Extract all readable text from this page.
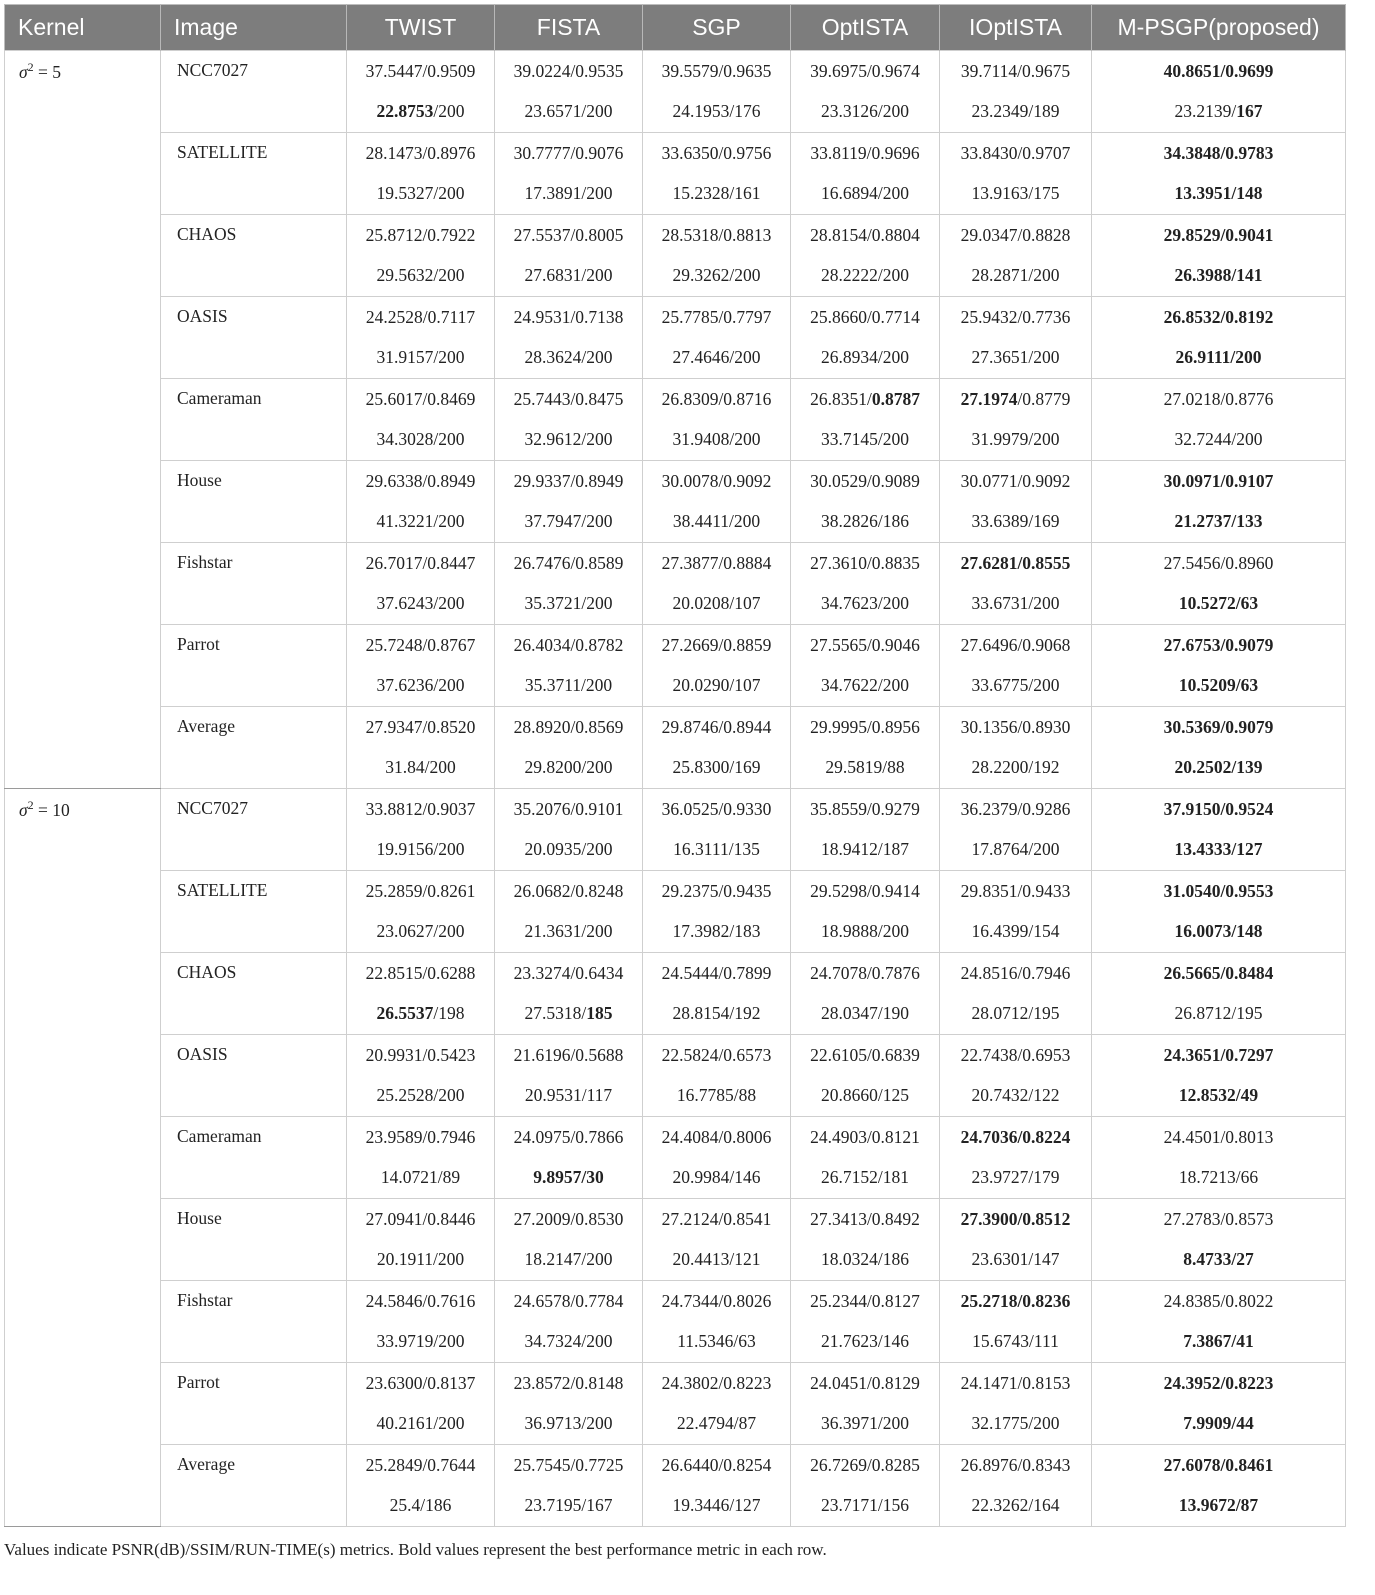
Kernel	Image	TWIST	FISTA	SGP	OptISTA	IOptISTA	M-PSGP(proposed)
$\sigma^2 = 5$	NCC7027	37.5447/0.9509	39.0224/0.9535	39.5579/0.9635	39.6975/0.9674	39.7114/0.9675	40.8651/0.9699
		22.8753/200	23.6571/200	24.1953/176	23.3126/200	23.2349/189	23.2139/167
	SATELLITE	28.1473/0.8976	30.7777/0.9076	33.6350/0.9756	33.8119/0.9696	33.8430/0.9707	34.3848/0.9783
		19.5327/200	17.3891/200	15.2328/161	16.6894/200	13.9163/175	13.3951/148
	CHAOS	25.8712/0.7922	27.5537/0.8005	28.5318/0.8813	28.8154/0.8804	29.0347/0.8828	29.8529/0.9041
		29.5632/200	27.6831/200	29.3262/200	28.2222/200	28.2871/200	26.3988/141
	OASIS	24.2528/0.7117	24.9531/0.7138	25.7785/0.7797	25.8660/0.7714	25.9432/0.7736	26.8532/0.8192
		31.9157/200	28.3624/200	27.4646/200	26.8934/200	27.3651/200	26.9111/200
	Cameraman	25.6017/0.8469	25.7443/0.8475	26.8309/0.8716	26.8351/0.8787	27.1974/0.8779	27.0218/0.8776
		34.3028/200	32.9612/200	31.9408/200	33.7145/200	31.9979/200	32.7244/200
	House	29.6338/0.8949	29.9337/0.8949	30.0078/0.9092	30.0529/0.9089	30.0771/0.9092	30.0971/0.9107
		41.3221/200	37.7947/200	38.4411/200	38.2826/186	33.6389/169	21.2737/133
	Fishstar	26.7017/0.8447	26.7476/0.8589	27.3877/0.8884	27.3610/0.8835	27.6281/0.8555	27.5456/0.8960
		37.6243/200	35.3721/200	20.0208/107	34.7623/200	33.6731/200	10.5272/63
	Parrot	25.7248/0.8767	26.4034/0.8782	27.2669/0.8859	27.5565/0.9046	27.6496/0.9068	27.6753/0.9079
		37.6236/200	35.3711/200	20.0290/107	34.7622/200	33.6775/200	10.5209/63
	Average	27.9347/0.8520	28.8920/0.8569	29.8746/0.8944	29.9995/0.8956	30.1356/0.8930	30.5369/0.9079
		31.84/200	29.8200/200	25.8300/169	29.5819/88	28.2200/192	20.2502/139
$\sigma^2 = 10$	NCC7027	33.8812/0.9037	35.2076/0.9101	36.0525/0.9330	35.8559/0.9279	36.2379/0.9286	37.9150/0.9524
		19.9156/200	20.0935/200	16.3111/135	18.9412/187	17.8764/200	13.4333/127
	SATELLITE	25.2859/0.8261	26.0682/0.8248	29.2375/0.9435	29.5298/0.9414	29.8351/0.9433	31.0540/0.9553
		23.0627/200	21.3631/200	17.3982/183	18.9888/200	16.4399/154	16.0073/148
	CHAOS	22.8515/0.6288	23.3274/0.6434	24.5444/0.7899	24.7078/0.7876	24.8516/0.7946	26.5665/0.8484
		26.5537/198	27.5318/185	28.8154/192	28.0347/190	28.0712/195	26.8712/195
	OASIS	20.9931/0.5423	21.6196/0.5688	22.5824/0.6573	22.6105/0.6839	22.7438/0.6953	24.3651/0.7297
		25.2528/200	20.9531/117	16.7785/88	20.8660/125	20.7432/122	12.8532/49
	Cameraman	23.9589/0.7946	24.0975/0.7866	24.4084/0.8006	24.4903/0.8121	24.7036/0.8224	24.4501/0.8013
		14.0721/89	9.8957/30	20.9984/146	26.7152/181	23.9727/179	18.7213/66
	House	27.0941/0.8446	27.2009/0.8530	27.2124/0.8541	27.3413/0.8492	27.3900/0.8512	27.2783/0.8573
		20.1911/200	18.2147/200	20.4413/121	18.0324/186	23.6301/147	8.4733/27
	Fishstar	24.5846/0.7616	24.6578/0.7784	24.7344/0.8026	25.2344/0.8127	25.2718/0.8236	24.8385/0.8022
		33.9719/200	34.7324/200	11.5346/63	21.7623/146	15.6743/111	7.3867/41
	Parrot	23.6300/0.8137	23.8572/0.8148	24.3802/0.8223	24.0451/0.8129	24.1471/0.8153	24.3952/0.8223
		40.2161/200	36.9713/200	22.4794/87	36.3971/200	32.1775/200	7.9909/44
	Average	25.2849/0.7644	25.7545/0.7725	26.6440/0.8254	26.7269/0.8285	26.8976/0.8343	27.6078/0.8461
		25.4/186	23.7195/167	19.3446/127	23.7171/156	22.3262/164	13.9672/87
Values indicate PSNR(dB)/SSIM/RUN-TIME(s) metrics. Bold values represent the best performance metric in each row.
